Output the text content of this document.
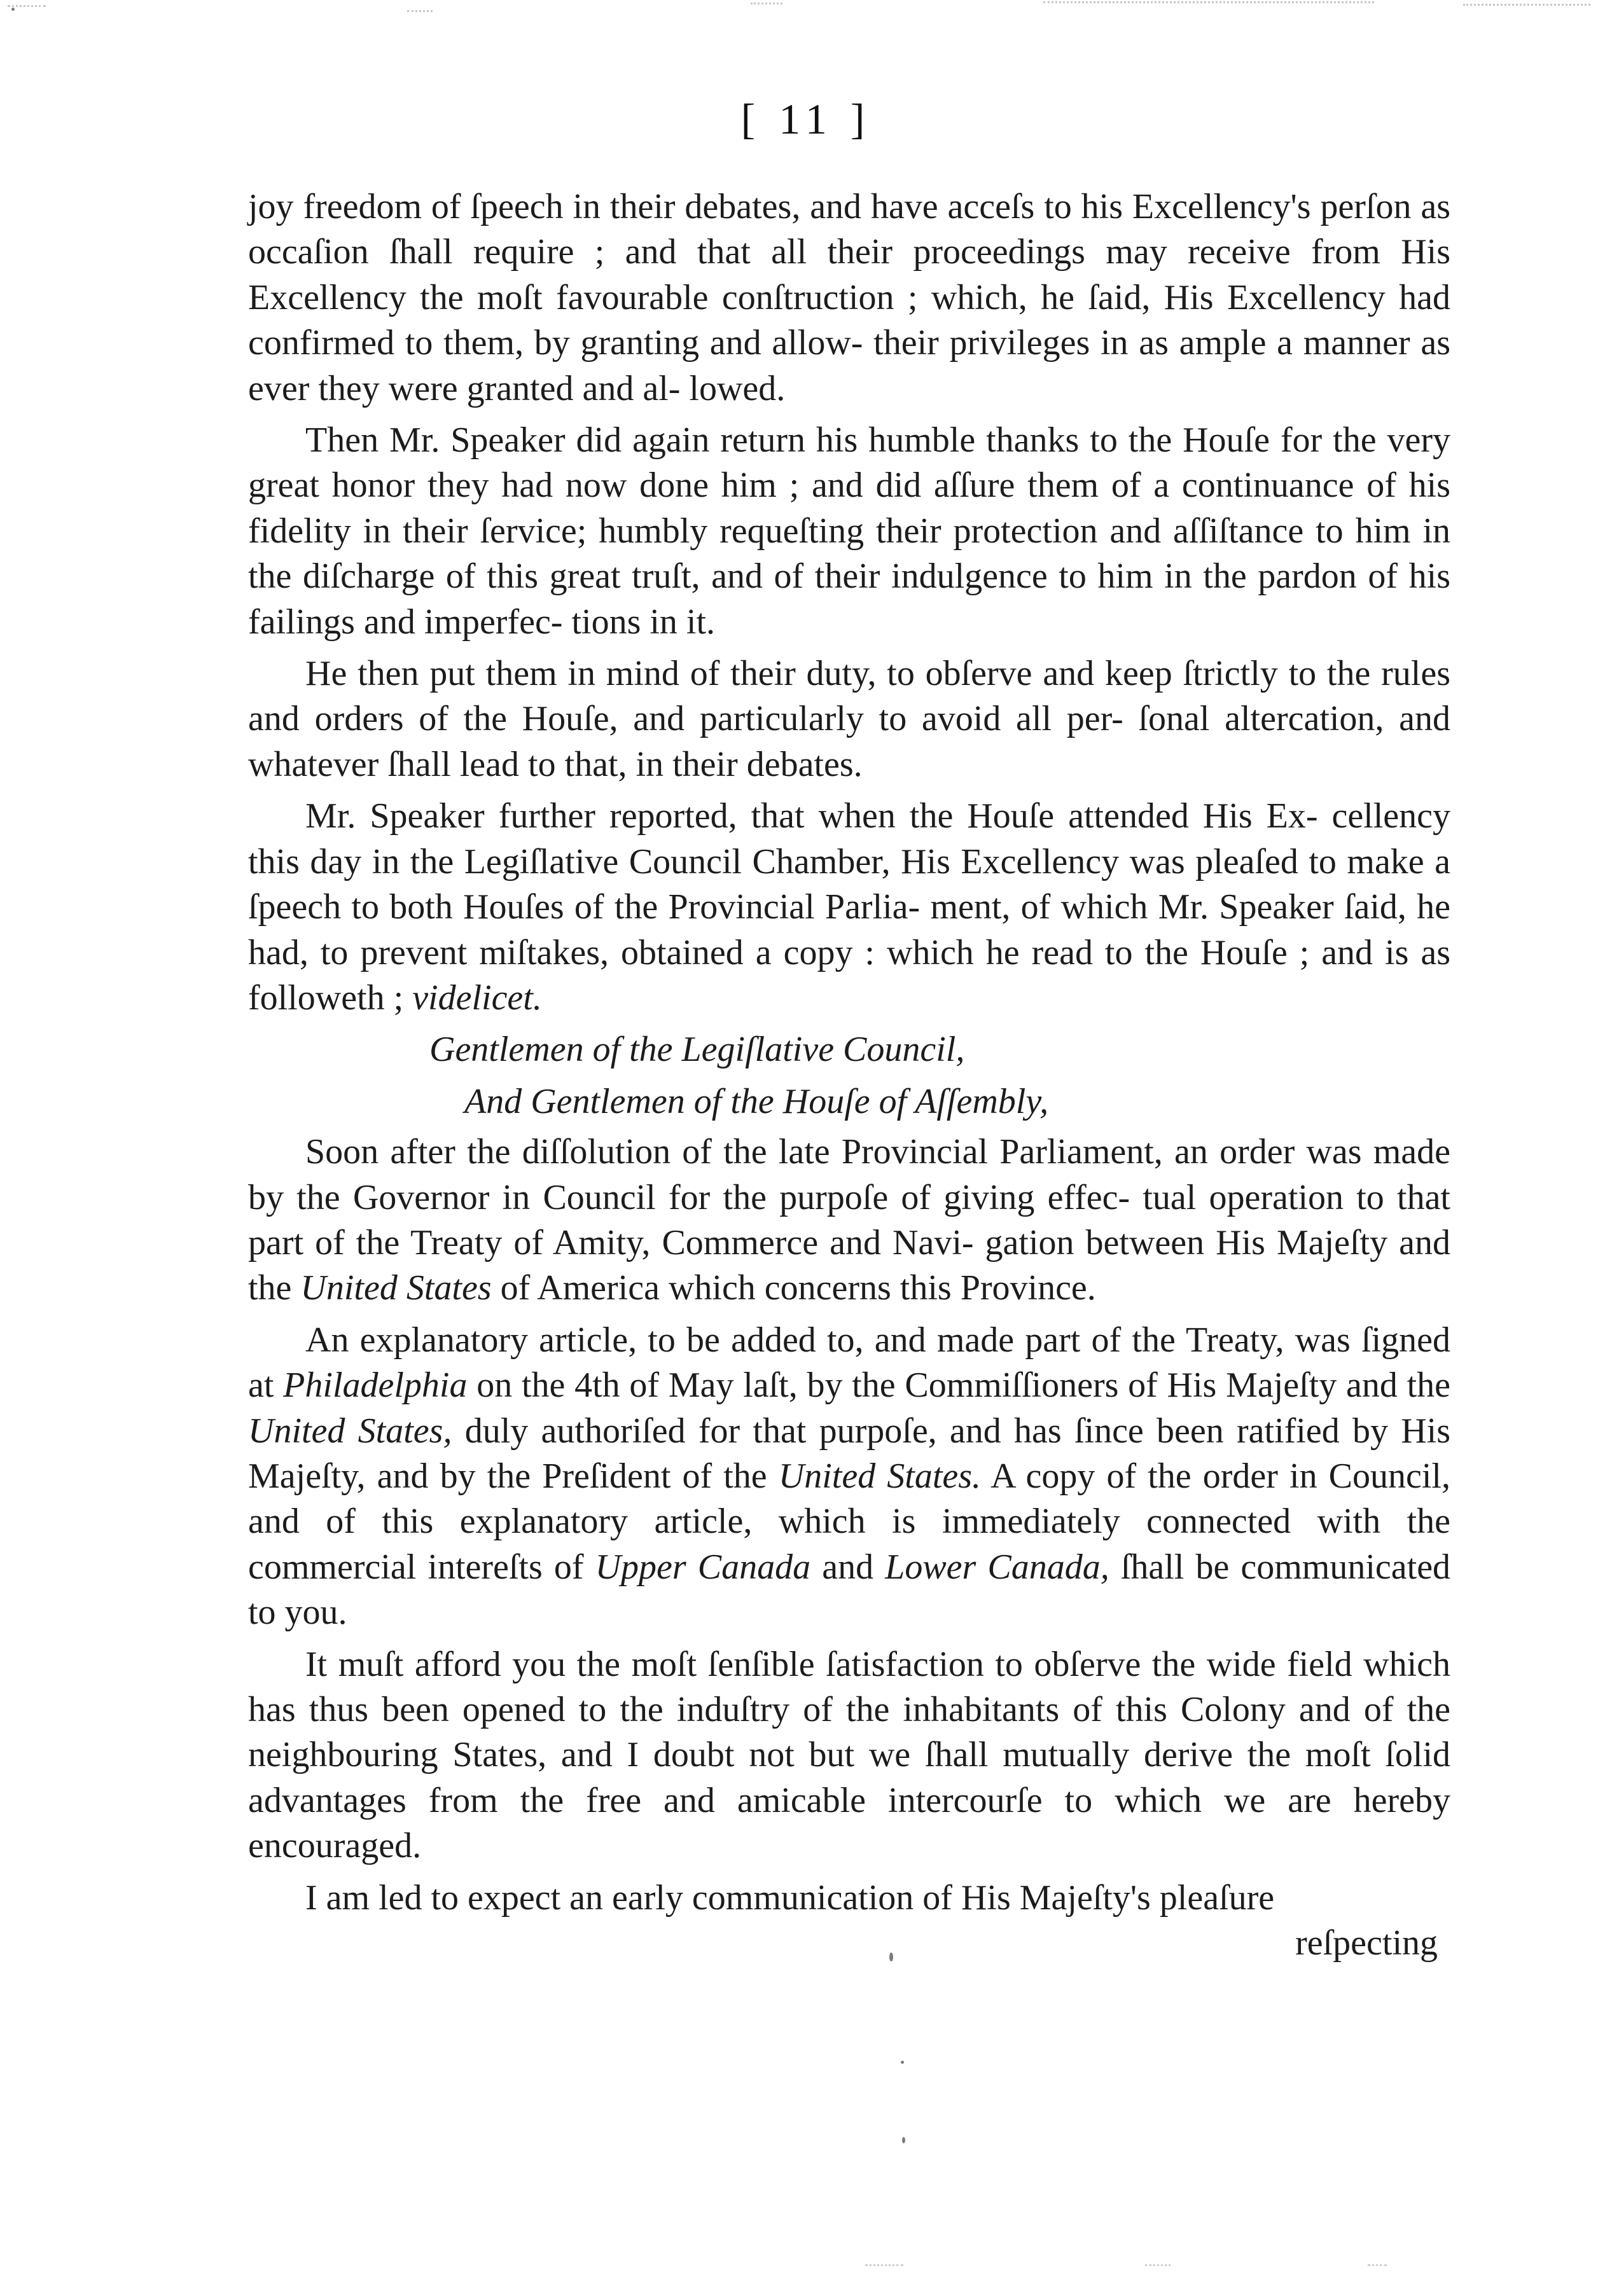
[ 11 ]

joy freedom of ſpeech in their debates, and have acceſs to his Excellency's perſon as occaſion ſhall require ; and that all their proceedings may receive from His Excellency the moſt favourable conſtruction ; which, he ſaid, His Excellency had confirmed to them, by granting and allow- their privileges in as ample a manner as ever they were granted and al- lowed.

Then Mr. Speaker did again return his humble thanks to the Houſe for the very great honor they had now done him ; and did aſſure them of a continuance of his fidelity in their ſervice; humbly requeſting their protection and aſſiſtance to him in the diſcharge of this great truſt, and of their indulgence to him in the pardon of his failings and imperfec- tions in it.

He then put them in mind of their duty, to obſerve and keep ſtrictly to the rules and orders of the Houſe, and particularly to avoid all per- ſonal altercation, and whatever ſhall lead to that, in their debates.

Mr. Speaker further reported, that when the Houſe attended His Ex- cellency this day in the Legiſlative Council Chamber, His Excellency was pleaſed to make a ſpeech to both Houſes of the Provincial Parlia- ment, of which Mr. Speaker ſaid, he had, to prevent miſtakes, obtained a copy : which he read to the Houſe ; and is as followeth ; videlicet.

Gentlemen of the Legiſlative Council,

And Gentlemen of the Houſe of Aſſembly,

Soon after the diſſolution of the late Provincial Parliament, an order was made by the Governor in Council for the purpoſe of giving effec- tual operation to that part of the Treaty of Amity, Commerce and Navi- gation between His Majeſty and the United States of America which concerns this Province.

An explanatory article, to be added to, and made part of the Treaty, was ſigned at Philadelphia on the 4th of May laſt, by the Commiſſioners of His Majeſty and the United States, duly authoriſed for that purpoſe, and has ſince been ratified by His Majeſty, and by the Preſident of the United States. A copy of the order in Council, and of this explanatory article, which is immediately connected with the commercial intereſts of Upper Canada and Lower Canada, ſhall be communicated to you.

It muſt afford you the moſt ſenſible ſatisfaction to obſerve the wide field which has thus been opened to the induſtry of the inhabitants of this Colony and of the neighbouring States, and I doubt not but we ſhall mutually derive the moſt ſolid advantages from the free and amicable intercourſe to which we are hereby encouraged.

I am led to expect an early communication of His Majeſty's pleaſure

reſpecting
